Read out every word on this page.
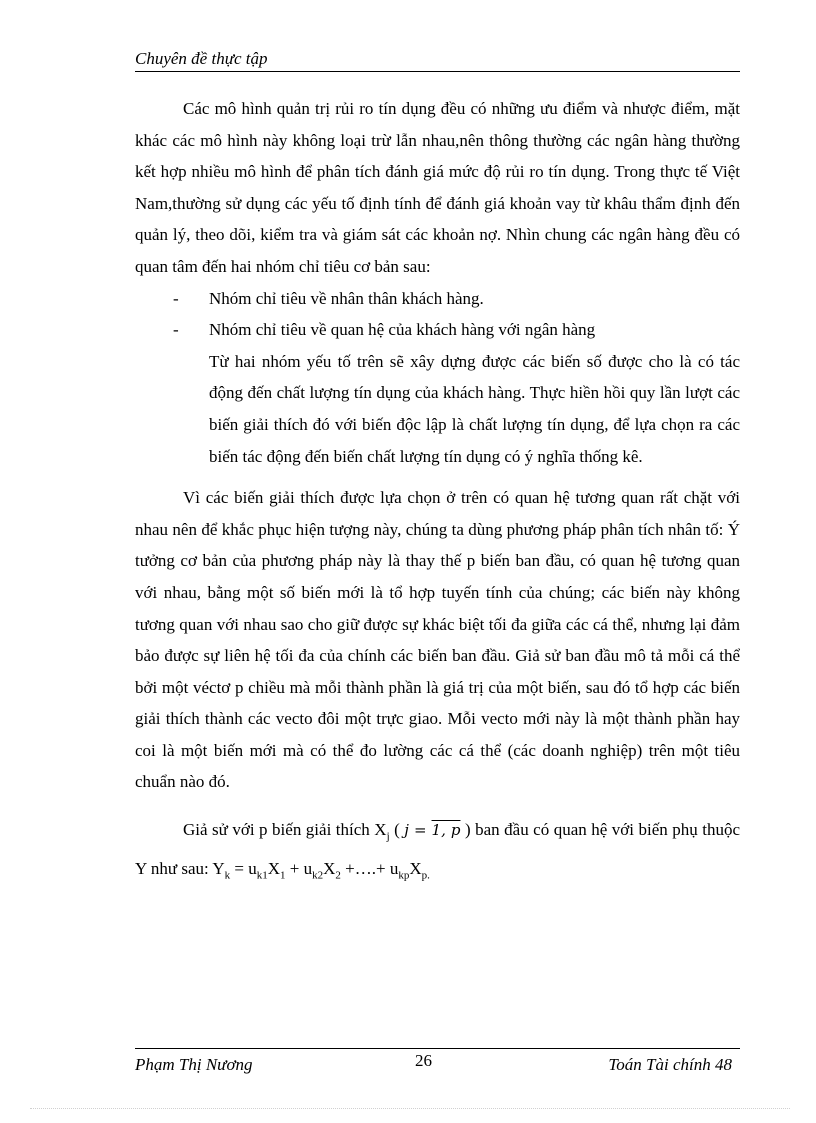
Chuyên đề thực tập

Các mô hình quản trị rủi ro tín dụng đều có những ưu điểm và nhược điểm, mặt khác các mô hình này không loại trừ lẫn nhau,nên thông thường các ngân hàng thường kết hợp nhiều mô hình để phân tích đánh giá mức độ rủi ro tín dụng. Trong thực tế Việt Nam,thường sử dụng các yếu tố định tính để đánh giá khoản vay từ khâu thẩm định đến quản lý, theo dõi, kiểm tra và giám sát các khoản nợ. Nhìn chung các ngân hàng đều có quan tâm đến hai nhóm chỉ tiêu cơ bản sau:

- Nhóm chỉ tiêu về nhân thân khách hàng.
- Nhóm chỉ tiêu về quan hệ của khách hàng với ngân hàng

Từ hai nhóm yếu tố trên sẽ xây dựng được các biến số được cho là có tác động đến chất lượng tín dụng của khách hàng. Thực hiền hồi quy lần lượt các biến giải thích đó với biến độc lập là chất lượng tín dụng, để lựa chọn ra các biến tác động đến biến chất lượng tín dụng có ý nghĩa thống kê.

Vì các biến giải thích được lựa chọn ở trên có quan hệ tương quan rất chặt với nhau nên để khắc phục hiện tượng này, chúng ta dùng phương pháp phân tích nhân tố: Ý tưởng cơ bản của phương pháp này là thay thế p biến ban đầu, có quan hệ tương quan với nhau, bằng một số biến mới là tổ hợp tuyến tính của chúng; các biến này không tương quan với nhau sao cho giữ được sự khác biệt tối đa giữa các cá thể, nhưng lại đảm bảo được sự liên hệ tối đa của chính các biến ban đầu. Giả sử ban đầu mô tả mỗi cá thể bởi một véctơ p chiều mà mỗi thành phần là giá trị của một biến, sau đó tổ hợp các biến giải thích thành các vecto đôi một trực giao. Mỗi vecto mới này là một thành phần hay coi là một biến mới mà có thể đo lường các cá thể (các doanh nghiệp) trên một tiêu chuẩn nào đó.

Giả sử với p biến giải thích $X_j$ ( j = 1, p ) ban đầu có quan hệ với biến phụ thuộc Y như sau: $Y_k = u_{k1}X_1 + u_{k2}X_2$ +….+ $u_{kp}X_{p.}$

Phạm Thị Nương	26	Toán Tài chính 48
